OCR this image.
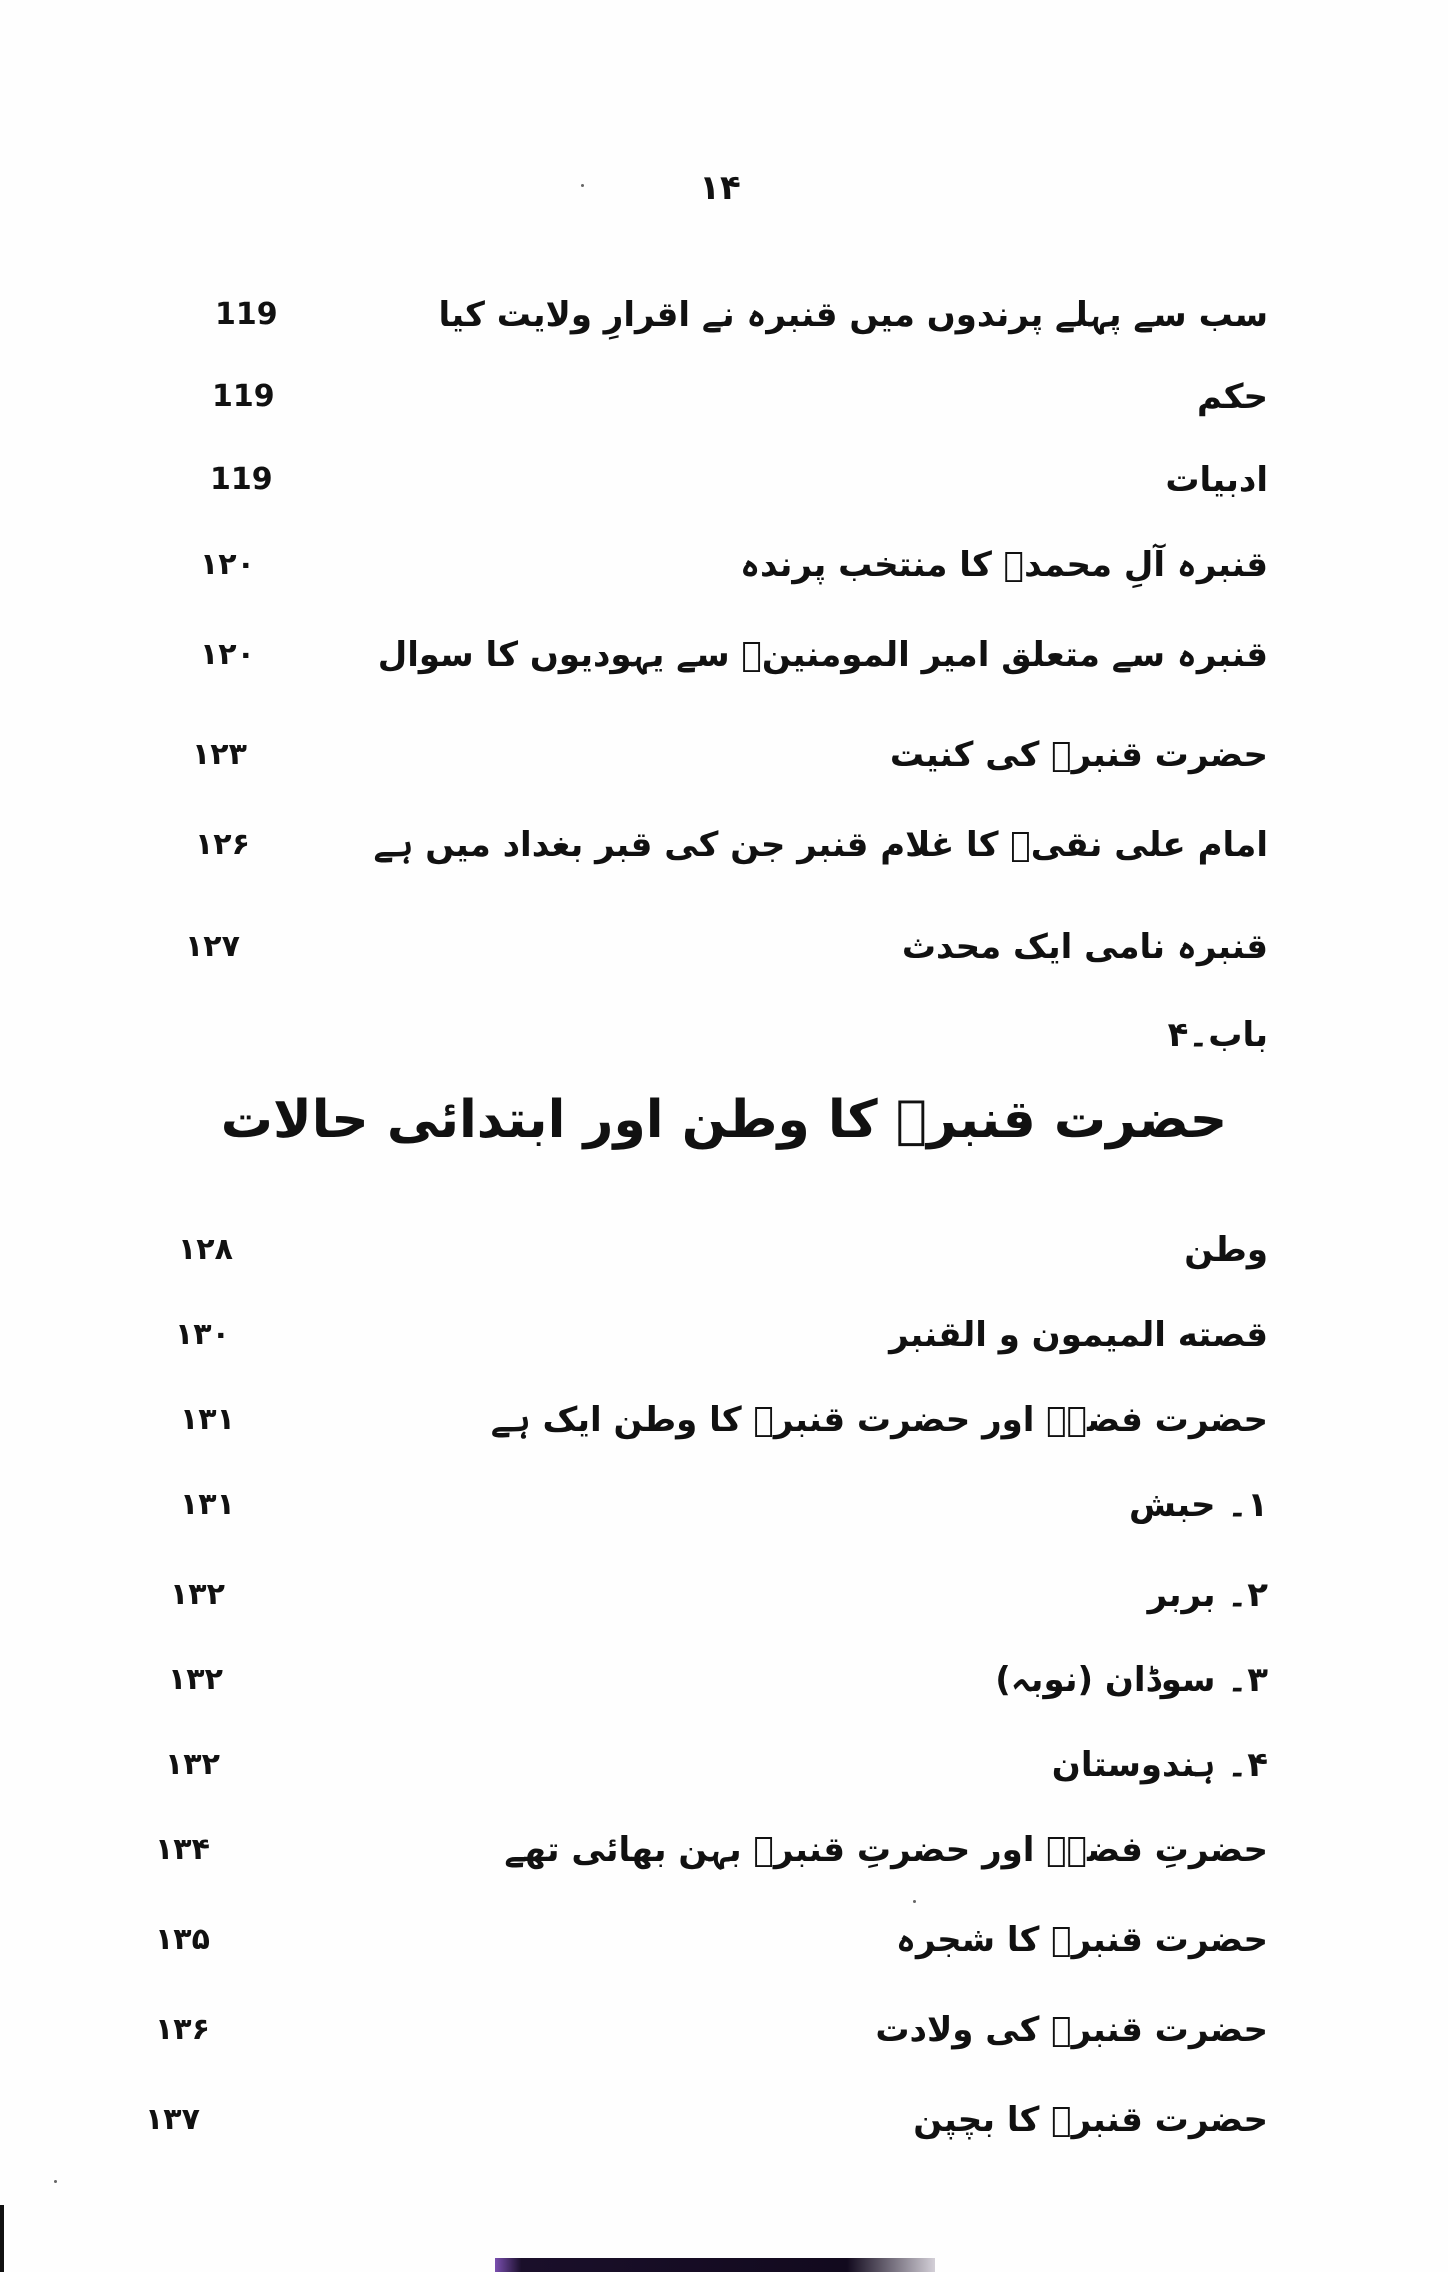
۱۴
سب سے پہلے پرندوں میں قنبرہ نے اقرارِ ولایت کیا
119
حکم
119
ادبیات
119
قنبرہ آلِ محمدؑ کا منتخب پرندہ
۱۲۰
قنبرہ سے متعلق امیر المومنینؑ سے یہودیوں کا سوال
۱۲۰
حضرت قنبرؑ کی کنیت
۱۲۳
امام علی نقیؑ کا غلام قنبر جن کی قبر بغداد میں ہے
۱۲۶
قنبرہ نامی ایک محدث
۱۲۷
باب۔۴
حضرت قنبرؑ کا وطن اور ابتدائی حالات
وطن
۱۲۸
قصته المیمون و القنبر
۱۳۰
حضرت فضہؑ اور حضرت قنبرؑ کا وطن ایک ہے
۱۳۱
۱۔ حبش
۱۳۱
۲۔ بربر
۱۳۲
۳۔ سوڈان (نوبہ)
۱۳۲
۴۔ ہندوستان
۱۳۲
حضرتِ فضہؑ اور حضرتِ قنبرؑ بہن بھائی تھے
۱۳۴
حضرت قنبرؑ کا شجرہ
۱۳۵
حضرت قنبرؑ کی ولادت
۱۳۶
حضرت قنبرؑ کا بچپن
۱۳۷
